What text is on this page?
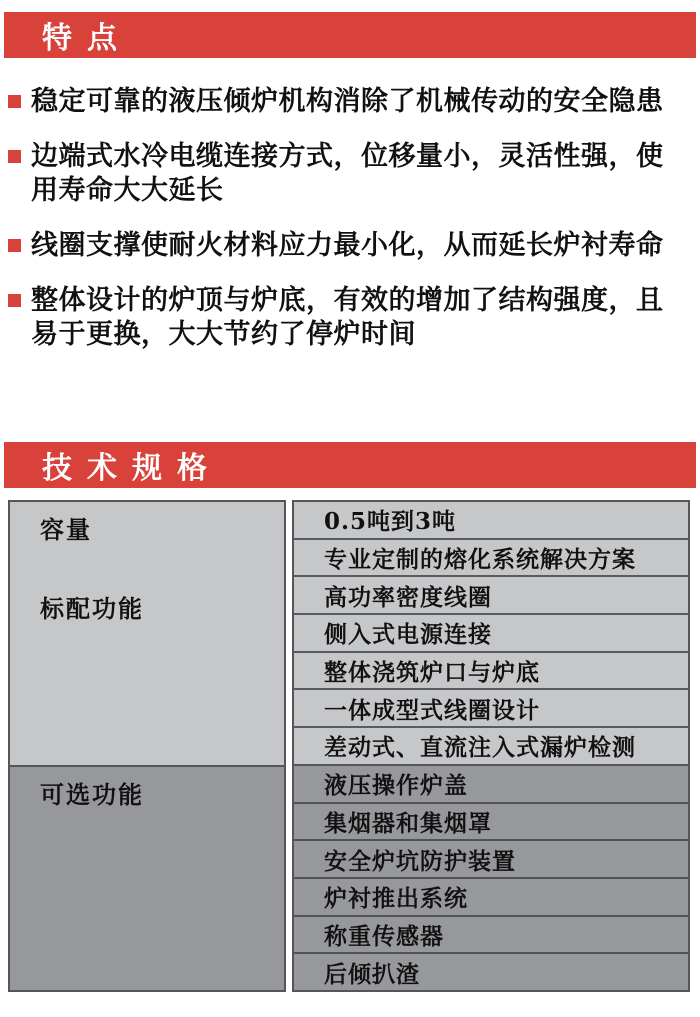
特点
稳定可靠的液压倾炉机构消除了机械传动的安全隐患
边端式水冷电缆连接方式，位移量小，灵活性强，使用寿命大大延长
线圈支撑使耐火材料应力最小化，从而延长炉衬寿命
整体设计的炉顶与炉底，有效的增加了结构强度，且易于更换，大大节约了停炉时间
技术规格
容量
标配功能
可选功能
0.5吨到3吨
专业定制的熔化系统解决方案
高功率密度线圈
侧入式电源连接
整体浇筑炉口与炉底
一体成型式线圈设计
差动式、直流注入式漏炉检测
液压操作炉盖
集烟器和集烟罩
安全炉坑防护装置
炉衬推出系统
称重传感器
后倾扒渣
